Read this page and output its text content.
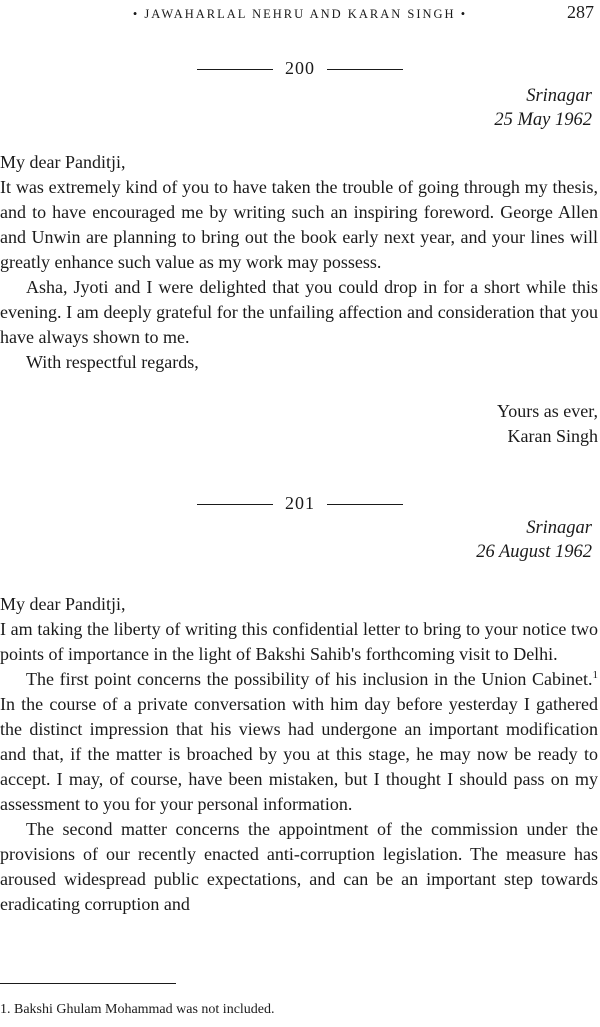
• JAWAHARLAL NEHRU AND KARAN SINGH •	287
200
Srinagar
25 May 1962

My dear Panditji,

It was extremely kind of you to have taken the trouble of going through my thesis, and to have encouraged me by writing such an inspiring foreword. George Allen and Unwin are planning to bring out the book early next year, and your lines will greatly enhance such value as my work may possess.

Asha, Jyoti and I were delighted that you could drop in for a short while this evening. I am deeply grateful for the unfailing affection and consideration that you have always shown to me.

With respectful regards,

Yours as ever,
Karan Singh
201
Srinagar
26 August 1962

My dear Panditji,

I am taking the liberty of writing this confidential letter to bring to your notice two points of importance in the light of Bakshi Sahib's forthcoming visit to Delhi.

The first point concerns the possibility of his inclusion in the Union Cabinet.$^1$ In the course of a private conversation with him day before yesterday I gathered the distinct impression that his views had undergone an important modification and that, if the matter is broached by you at this stage, he may now be ready to accept. I may, of course, have been mistaken, but I thought I should pass on my assessment to you for your personal information.

The second matter concerns the appointment of the commission under the provisions of our recently enacted anti-corruption legislation. The measure has aroused widespread public expectations, and can be an important step towards eradicating corruption and

1. Bakshi Ghulam Mohammad was not included.
